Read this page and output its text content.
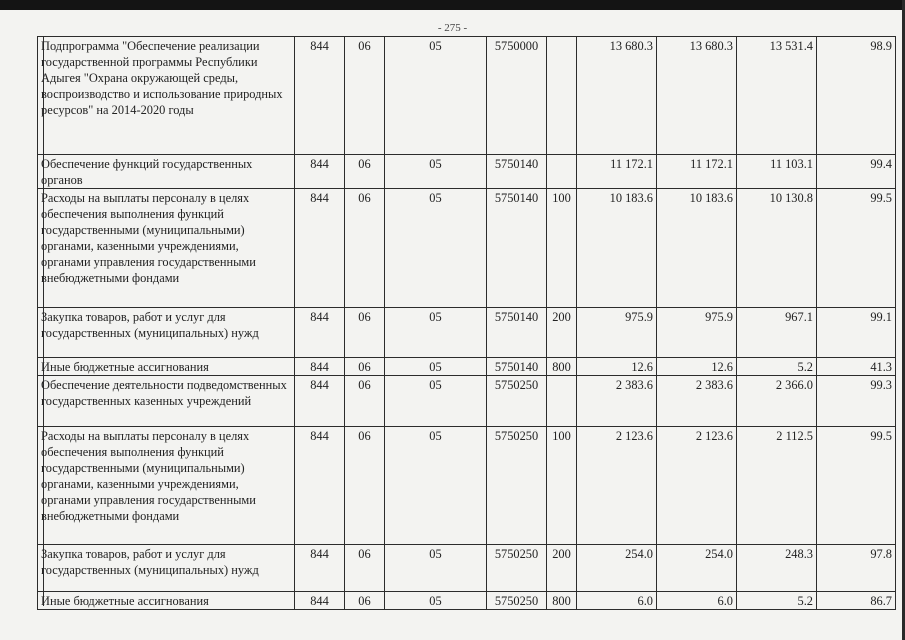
- 275 -
Подпрограмма "Обеспечение реализации государственной программы Республики Адыгея "Охрана окружающей среды, воспроизводство и использование природных ресурсов" на 2014-2020 годы	844	06	05	5750000		13 680.3	13 680.3	13 531.4	98.9
Обеспечение функций государственных органов	844	06	05	5750140		11 172.1	11 172.1	11 103.1	99.4
Расходы на выплаты персоналу в целях обеспечения выполнения функций государственными (муниципальными) органами, казенными учреждениями, органами управления государственными внебюджетными фондами	844	06	05	5750140	100	10 183.6	10 183.6	10 130.8	99.5
Закупка товаров, работ и услуг для государственных (муниципальных) нужд	844	06	05	5750140	200	975.9	975.9	967.1	99.1
Иные бюджетные ассигнования	844	06	05	5750140	800	12.6	12.6	5.2	41.3
Обеспечение деятельности подведомственных государственных казенных учреждений	844	06	05	5750250		2 383.6	2 383.6	2 366.0	99.3
Расходы на выплаты персоналу в целях обеспечения выполнения функций государственными (муниципальными) органами, казенными учреждениями, органами управления государственными внебюджетными фондами	844	06	05	5750250	100	2 123.6	2 123.6	2 112.5	99.5
Закупка товаров, работ и услуг для государственных (муниципальных) нужд	844	06	05	5750250	200	254.0	254.0	248.3	97.8
Иные бюджетные ассигнования	844	06	05	5750250	800	6.0	6.0	5.2	86.7
